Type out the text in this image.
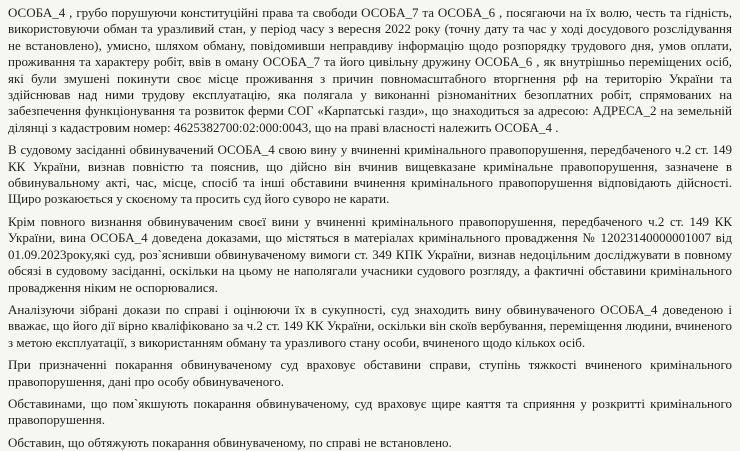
ОСОБА_4 , грубо порушуючи конституційні права та свободи ОСОБА_7 та ОСОБА_6 , посягаючи на їх волю, честь та гідність, використовуючи обман та уразливий стан, у період часу з вересня 2022 року (точну дату та час у ході досудового розслідування не встановлено), умисно, шляхом обману, повідомивши неправдиву інформацію щодо розпорядку трудового дня, умов оплати, проживання та характеру робіт, ввів в оману ОСОБА_7 та його цивільну дружину ОСОБА_6 , як внутрішньо переміщених осіб, які були змушені покинути своє місце проживання з причин повномасштабного вторгнення рф на територію України та здійснював над ними трудову експлуатацію, яка полягала у виконанні різноманітних безоплатних робіт, спрямованих на забезпечення функціонування та розвиток ферми СОГ «Карпатські газди», що знаходиться за адресою: АДРЕСА_2 на земельній ділянці з кадастровим номер: 4625382700:02:000:0043, що на праві власності належить ОСОБА_4 .

В судовому засіданні обвинувачений ОСОБА_4 свою вину у вчиненні кримінального правопорушення, передбаченого ч.2 ст. 149 КК України, визнав повністю та пояснив, що дійсно він вчинив вищевказане кримінальне правопорушення, зазначене в обвинувальному акті, час, місце, спосіб та інші обставини вчинення кримінального правопорушення відповідають дійсності. Щиро розкаюється у скоєному та просить суд його суворо не карати.

Крім повного визнання обвинуваченим своєї вини у вчиненні кримінального правопорушення, передбаченого ч.2 ст. 149 КК України, вина ОСОБА_4 доведена доказами, що містяться в матеріалах кримінального провадження № 12023140000001007 від 01.09.2023року,які суд, роз`яснивши обвинуваченому вимоги ст. 349 КПК України, визнав недоцільним досліджувати в повному обсязі в судовому засіданні, оскільки на цьому не наполягали учасники судового розгляду, а фактичні обставини кримінального провадження ніким не оспорювалися.

Аналізуючи зібрані докази по справі і оцінюючи їх в сукупності, суд знаходить вину обвинуваченого ОСОБА_4 доведеною і вважає, що його дії вірно кваліфіковано за ч.2 ст. 149 КК України, оскільки він скоїв вербування, переміщення людини, вчиненого з метою експлуатації, з використанням обману та уразливого стану особи, вчиненого щодо кількох осіб.

При призначенні покарання обвинуваченому суд враховує обставини справи, ступінь тяжкості вчиненого кримінального правопорушення, дані про особу обвинуваченого.

Обставинами, що пом`якшують покарання обвинуваченому, суд враховує щире каяття та сприяння у розкритті кримінального правопорушення.

Обставин, що обтяжують покарання обвинуваченому, по справі не встановлено.
